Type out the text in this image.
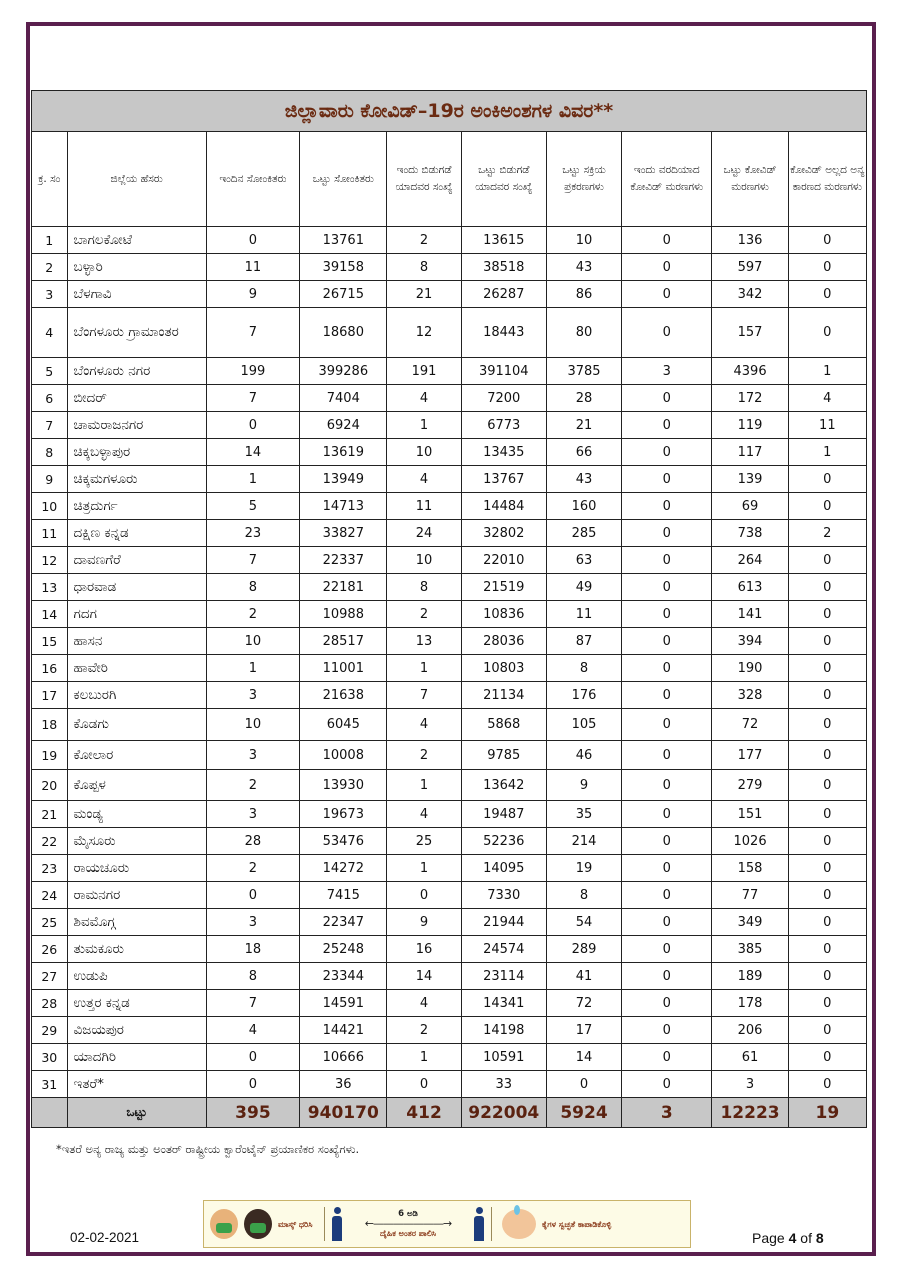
ಜಿಲ್ಲಾವಾರು ಕೋವಿಡ್–19ರ ಅಂಕಿಅಂಶಗಳ ವಿವರ**									
ಕ್ರ. ಸಂ	ಜಿಲ್ಲೆಯ ಹೆಸರು	ಇಂದಿನ ಸೋಂಕಿತರು	ಒಟ್ಟು ಸೋಂಕಿತರು	ಇಂದು ಬಿಡುಗಡೆ ಯಾದವರ ಸಂಖ್ಯೆ	ಒಟ್ಟು ಬಿಡುಗಡೆ ಯಾದವರ ಸಂಖ್ಯೆ	ಒಟ್ಟು ಸಕ್ರಿಯ ಪ್ರಕರಣಗಳು	ಇಂದು ವರದಿಯಾದ ಕೋವಿಡ್ ಮರಣಗಳು	ಒಟ್ಟು ಕೋವಿಡ್ ಮರಣಗಳು	ಕೋವಿಡ್ ಅಲ್ಲದ ಅನ್ಯ ಕಾರಣದ ಮರಣಗಳು
1	ಬಾಗಲಕೋಟೆ	0	13761	2	13615	10	0	136	0
2	ಬಳ್ಳಾರಿ	11	39158	8	38518	43	0	597	0
3	ಬೆಳಗಾವಿ	9	26715	21	26287	86	0	342	0
4	ಬೆಂಗಳೂರು ಗ್ರಾಮಾಂತರ	7	18680	12	18443	80	0	157	0
5	ಬೆಂಗಳೂರು ನಗರ	199	399286	191	391104	3785	3	4396	1
6	ಬೀದರ್	7	7404	4	7200	28	0	172	4
7	ಚಾಮರಾಜನಗರ	0	6924	1	6773	21	0	119	11
8	ಚಿಕ್ಕಬಳ್ಳಾಪುರ	14	13619	10	13435	66	0	117	1
9	ಚಿಕ್ಕಮಗಳೂರು	1	13949	4	13767	43	0	139	0
10	ಚಿತ್ರದುರ್ಗ	5	14713	11	14484	160	0	69	0
11	ದಕ್ಷಿಣ ಕನ್ನಡ	23	33827	24	32802	285	0	738	2
12	ದಾವಣಗೆರೆ	7	22337	10	22010	63	0	264	0
13	ಧಾರವಾಡ	8	22181	8	21519	49	0	613	0
14	ಗದಗ	2	10988	2	10836	11	0	141	0
15	ಹಾಸನ	10	28517	13	28036	87	0	394	0
16	ಹಾವೇರಿ	1	11001	1	10803	8	0	190	0
17	ಕಲಬುರಗಿ	3	21638	7	21134	176	0	328	0
18	ಕೊಡಗು	10	6045	4	5868	105	0	72	0
19	ಕೋಲಾರ	3	10008	2	9785	46	0	177	0
20	ಕೊಪ್ಪಳ	2	13930	1	13642	9	0	279	0
21	ಮಂಡ್ಯ	3	19673	4	19487	35	0	151	0
22	ಮೈಸೂರು	28	53476	25	52236	214	0	1026	0
23	ರಾಯಚೂರು	2	14272	1	14095	19	0	158	0
24	ರಾಮನಗರ	0	7415	0	7330	8	0	77	0
25	ಶಿವಮೊಗ್ಗ	3	22347	9	21944	54	0	349	0
26	ತುಮಕೂರು	18	25248	16	24574	289	0	385	0
27	ಉಡುಪಿ	8	23344	14	23114	41	0	189	0
28	ಉತ್ತರ ಕನ್ನಡ	7	14591	4	14341	72	0	178	0
29	ವಿಜಯಪುರ	4	14421	2	14198	17	0	206	0
30	ಯಾದಗಿರಿ	0	10666	1	10591	14	0	61	0
31	ಇತರೆ*	0	36	0	33	0	0	3	0
	ಒಟ್ಟು	395	940170	412	922004	5924	3	12223	19
*ಇತರೆ ಅನ್ಯ ರಾಜ್ಯ ಮತ್ತು ಅಂತರ್ ರಾಷ್ಟ್ರೀಯ ಕ್ವಾರೆಂಟೈನ್ ಪ್ರಯಾಣಿಕರ ಸಂಖ್ಯೆಗಳು.
02-02-2021
ಮಾಸ್ಕ್ ಧರಿಸಿ
6 ಅಡಿ
←———————→
ದೈಹಿಕ ಅಂತರ ಪಾಲಿಸಿ
ಕೈಗಳ ಸ್ವಚ್ಛತೆ ಕಾಪಾಡಿಕೊಳ್ಳಿ
Page 4 of 8
